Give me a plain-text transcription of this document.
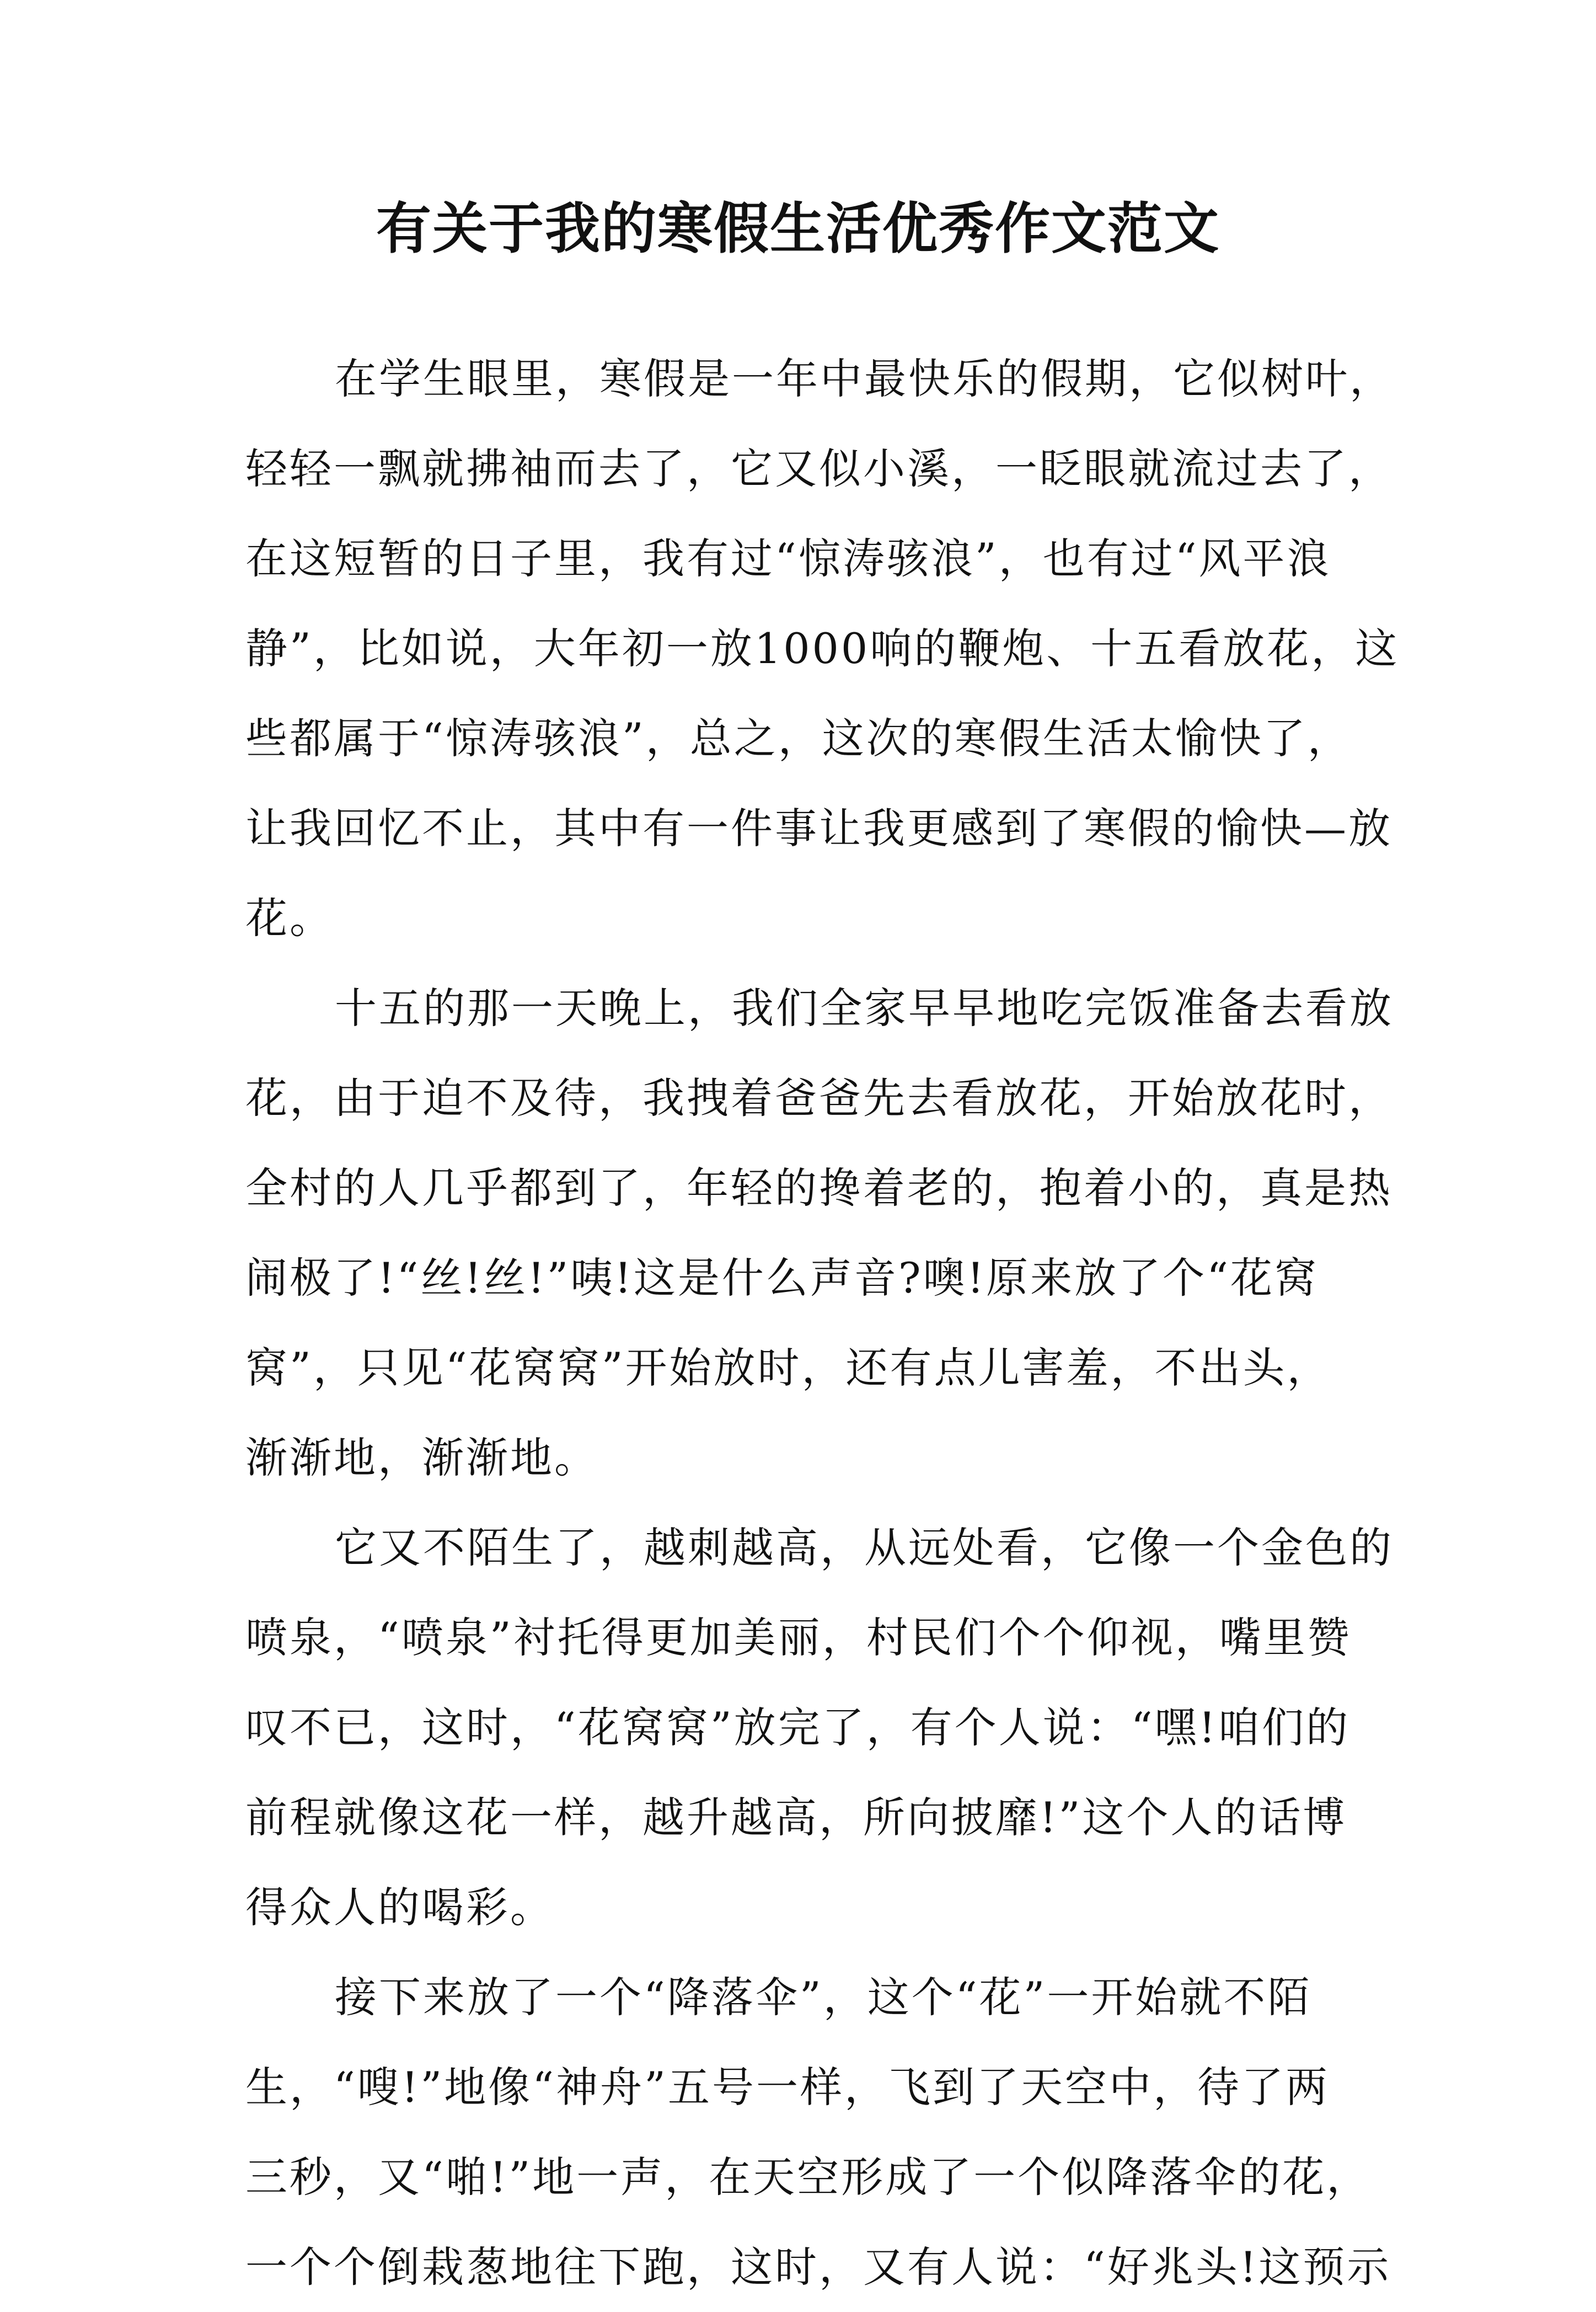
有关于我的寒假生活优秀作文范文
在学生眼里，寒假是一年中最快乐的假期，它似树叶，
轻轻一飘就拂袖而去了，它又似小溪，一眨眼就流过去了，
在这短暂的日子里，我有过“惊涛骇浪”，也有过“风平浪
静”，比如说，大年初一放1000响的鞭炮、十五看放花，这
些都属于“惊涛骇浪”，总之，这次的寒假生活太愉快了，
让我回忆不止，其中有一件事让我更感到了寒假的愉快—放
花。
十五的那一天晚上，我们全家早早地吃完饭准备去看放
花，由于迫不及待，我拽着爸爸先去看放花，开始放花时，
全村的人几乎都到了，年轻的搀着老的，抱着小的，真是热
闹极了!“丝!丝!”咦!这是什么声音?噢!原来放了个“花窝
窝”，只见“花窝窝”开始放时，还有点儿害羞，不出头，
渐渐地，渐渐地。
它又不陌生了，越刺越高，从远处看，它像一个金色的
喷泉，“喷泉”衬托得更加美丽，村民们个个仰视，嘴里赞
叹不已，这时，“花窝窝”放完了，有个人说：“嘿!咱们的
前程就像这花一样，越升越高，所向披靡!”这个人的话博
得众人的喝彩。
接下来放了一个“降落伞”，这个“花”一开始就不陌
生，“嗖!”地像“神舟”五号一样，飞到了天空中，待了两
三秒，又“啪!”地一声，在天空形成了一个似降落伞的花，
一个个倒栽葱地往下跑，这时，又有人说：“好兆头!这预示
